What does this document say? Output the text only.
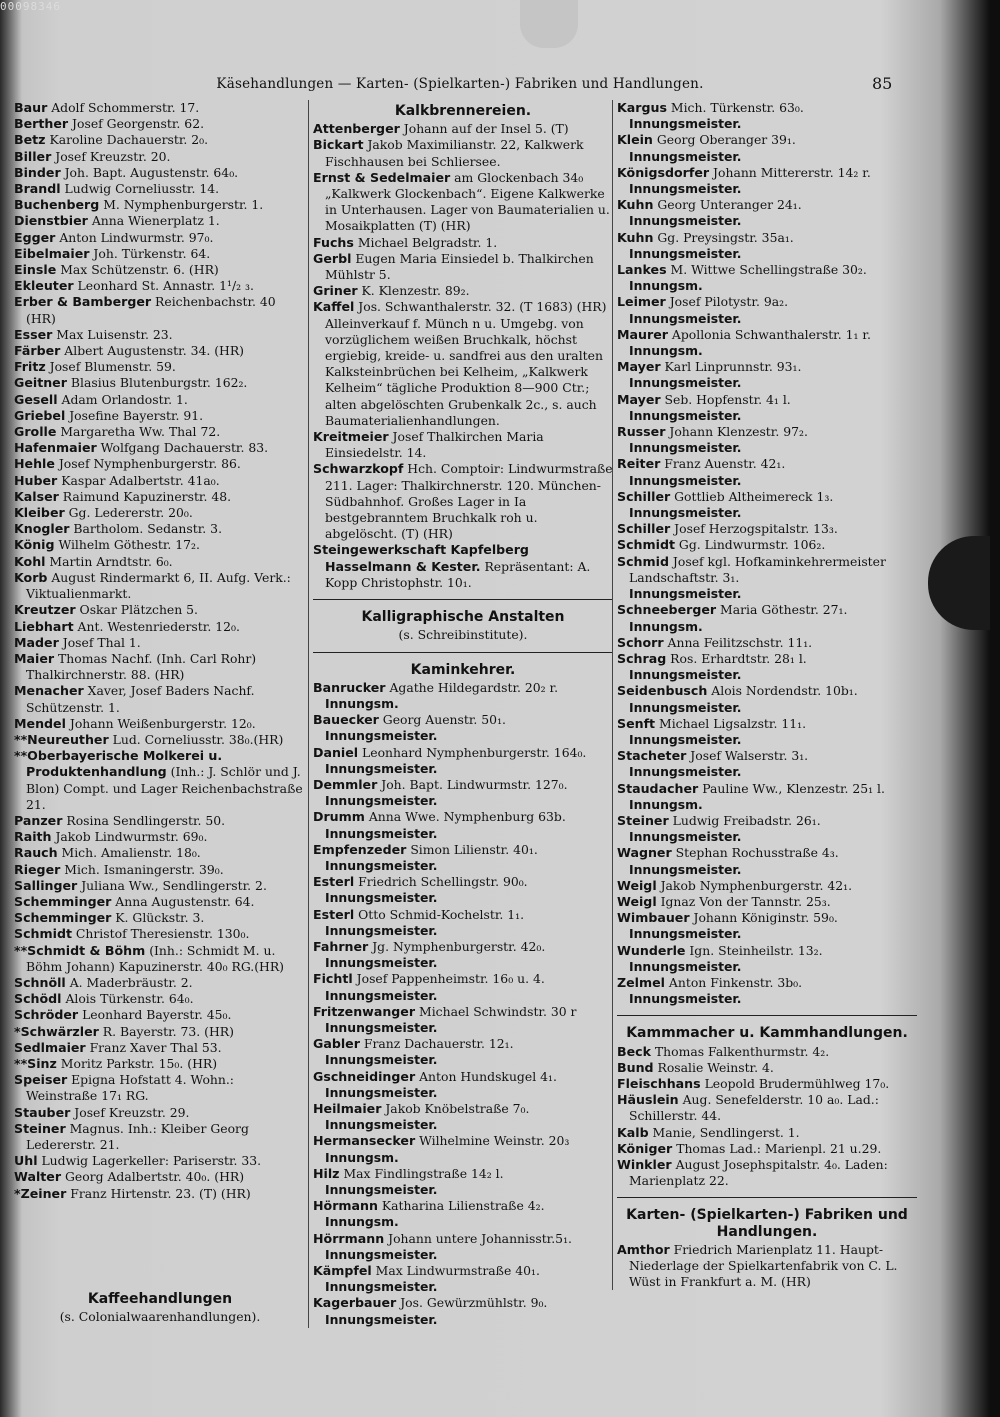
00098346
Käsehandlungen — Karten- (Spielkarten-) Fabriken und Handlungen.	85

Baur Adolf Schommerstr. 17.

Berther Josef Georgenstr. 62.

Betz Karoline Dachauerstr. 2₀.

Biller Josef Kreuzstr. 20.

Binder Joh. Bapt. Augustenstr. 64₀.

Brandl Ludwig Corneliusstr. 14.

Buchenberg M. Nymphenburgerstr. 1.

Dienstbier Anna Wienerplatz 1.

Egger Anton Lindwurmstr. 97₀.

Eibelmaier Joh. Türkenstr. 64.

Einsle Max Schützenstr. 6. (HR)

Ekleuter Leonhard St. Annastr. 1¹/₂ ₃.

Erber & Bamberger Reichenbachstr. 40 (HR)

Esser Max Luisenstr. 23.

Färber Albert Augustenstr. 34. (HR)

Fritz Josef Blumenstr. 59.

Geitner Blasius Blutenburgstr. 162₂.

Gesell Adam Orlandostr. 1.

Griebel Josefine Bayerstr. 91.

Grolle Margaretha Ww. Thal 72.

Hafenmaier Wolfgang Dachauerstr. 83.

Hehle Josef Nymphenburgerstr. 86.

Huber Kaspar Adalbertstr. 41a₀.

Kalser Raimund Kapuzinerstr. 48.

Kleiber Gg. Ledererstr. 20₀.

Knogler Bartholom. Sedanstr. 3.

König Wilhelm Göthestr. 17₂.

Kohl Martin Arndtstr. 6₀.

Korb August Rindermarkt 6, II. Aufg. Verk.: Viktualienmarkt.

Kreutzer Oskar Plätzchen 5.

Liebhart Ant. Westenriederstr. 12₀.

Mader Josef Thal 1.

Maier Thomas Nachf. (Inh. Carl Rohr) Thalkirchnerstr. 88. (HR)

Menacher Xaver, Josef Baders Nachf. Schützenstr. 1.

Mendel Johann Weißenburgerstr. 12₀.

**Neureuther Lud. Corneliusstr. 38₀.(HR)

**Oberbayerische Molkerei u. Produktenhandlung (Inh.: J. Schlör und J. Blon) Compt. und Lager Reichenbachstraße 21.

Panzer Rosina Sendlingerstr. 50.

Raith Jakob Lindwurmstr. 69₀.

Rauch Mich. Amalienstr. 18₀.

Rieger Mich. Ismaningerstr. 39₀.

Sallinger Juliana Ww., Sendlingerstr. 2.

Schemminger Anna Augustenstr. 64.

Schemminger K. Glückstr. 3.

Schmidt Christof Theresienstr. 130₀.

**Schmidt & Böhm (Inh.: Schmidt M. u. Böhm Johann) Kapuzinerstr. 40₀ RG.(HR)

Schnöll A. Maderbräustr. 2.

Schödl Alois Türkenstr. 64₀.

Schröder Leonhard Bayerstr. 45₀.

*Schwärzler R. Bayerstr. 73. (HR)

Sedlmaier Franz Xaver Thal 53.

**Sinz Moritz Parkstr. 15₀. (HR)

Speiser Epigna Hofstatt 4. Wohn.: Weinstraße 17₁ RG.

Stauber Josef Kreuzstr. 29.

Steiner Magnus. Inh.: Kleiber Georg Ledererstr. 21.

Uhl Ludwig Lagerkeller: Pariserstr. 33.

Walter Georg Adalbertstr. 40₀. (HR)

*Zeiner Franz Hirtenstr. 23. (T) (HR)

Kaffeehandlungen

(s. Colonialwaarenhandlungen).

Kalkbrennereien.

Attenberger Johann auf der Insel 5. (T)

Bickart Jakob Maximilianstr. 22, Kalkwerk Fischhausen bei Schliersee.

Ernst & Sedelmaier am Glockenbach 34₀ „Kalkwerk Glockenbach“. Eigene Kalkwerke in Unterhausen. Lager von Baumaterialien u. Mosaikplatten (T) (HR)

Fuchs Michael Belgradstr. 1.

Gerbl Eugen Maria Einsiedel b. Thalkirchen Mühlstr 5.

Griner K. Klenzestr. 89₂.

Kaffel Jos. Schwanthalerstr. 32. (T 1683) (HR) Alleinverkauf f. Münch n u. Umgebg. von vorzüglichem weißen Bruchkalk, höchst ergiebig, kreide- u. sandfrei aus den uralten Kalksteinbrüchen bei Kelheim, „Kalkwerk Kelheim“ tägliche Produktion 8—900 Ctr.; alten abgelöschten Grubenkalk 2c., s. auch Baumaterialienhandlungen.

Kreitmeier Josef Thalkirchen Maria Einsiedelstr. 14.

Schwarzkopf Hch. Comptoir: Lindwurmstraße 211. Lager: Thalkirchnerstr. 120. München-Südbahnhof. Großes Lager in Ia bestgebranntem Bruchkalk roh u. abgelöscht. (T) (HR)

Steingewerkschaft Kapfelberg Hasselmann & Kester. Repräsentant: A. Kopp Christophstr. 10₁.

Kalligraphische Anstalten

(s. Schreibinstitute).

Kaminkehrer.

Banrucker Agathe Hildegardstr. 20₂ r.
Innungsm.

Bauecker Georg Auenstr. 50₁.
Innungsmeister.

Daniel Leonhard Nymphenburgerstr. 164₀.
Innungsmeister.

Demmler Joh. Bapt. Lindwurmstr. 127₀.
Innungsmeister.

Drumm Anna Wwe. Nymphenburg 63b.
Innungsmeister.

Empfenzeder Simon Lilienstr. 40₁.
Innungsmeister.

Esterl Friedrich Schellingstr. 90₀.
Innungsmeister.

Esterl Otto Schmid-Kochelstr. 1₁.
Innungsmeister.

Fahrner Jg. Nymphenburgerstr. 42₀.
Innungsmeister.

Fichtl Josef Pappenheimstr. 16₀ u. 4.
Innungsmeister.

Fritzenwanger Michael Schwindstr. 30 r
Innungsmeister.

Gabler Franz Dachauerstr. 12₁.
Innungsmeister.

Gschneidinger Anton Hundskugel 4₁.
Innungsmeister.

Heilmaier Jakob Knöbelstraße 7₀.
Innungsmeister.

Hermansecker Wilhelmine Weinstr. 20₃
Innungsm.

Hilz Max Findlingstraße 14₂ l.
Innungsmeister.

Hörmann Katharina Lilienstraße 4₂.
Innungsm.

Hörrmann Johann untere Johannisstr.5₁.
Innungsmeister.

Kämpfel Max Lindwurmstraße 40₁.
Innungsmeister.

Kagerbauer Jos. Gewürzmühlstr. 9₀.
Innungsmeister.

Kargus Mich. Türkenstr. 63₀.
Innungsmeister.

Klein Georg Oberanger 39₁.
Innungsmeister.

Königsdorfer Johann Mittererstr. 14₂ r.
Innungsmeister.

Kuhn Georg Unteranger 24₁.
Innungsmeister.

Kuhn Gg. Preysingstr. 35a₁.
Innungsmeister.

Lankes M. Wittwe Schellingstraße 30₂.
Innungsm.

Leimer Josef Pilotystr. 9a₂.
Innungsmeister.

Maurer Apollonia Schwanthalerstr. 1₁ r.
Innungsm.

Mayer Karl Linprunnstr. 93₁.
Innungsmeister.

Mayer Seb. Hopfenstr. 4₁ l.
Innungsmeister.

Russer Johann Klenzestr. 97₂.
Innungsmeister.

Reiter Franz Auenstr. 42₁.
Innungsmeister.

Schiller Gottlieb Altheimereck 1₃.
Innungsmeister.

Schiller Josef Herzogspitalstr. 13₃.

Schmidt Gg. Lindwurmstr. 106₂.

Schmid Josef kgl. Hofkaminkehrermeister Landschaftstr. 3₁.
Innungsmeister.

Schneeberger Maria Göthestr. 27₁.
Innungsm.

Schorr Anna Feilitzschstr. 11₁.

Schrag Ros. Erhardtstr. 28₁ l.
Innungsmeister.

Seidenbusch Alois Nordendstr. 10b₁.
Innungsmeister.

Senft Michael Ligsalzstr. 11₁.
Innungsmeister.

Stacheter Josef Walserstr. 3₁.
Innungsmeister.

Staudacher Pauline Ww., Klenzestr. 25₁ l.
Innungsm.

Steiner Ludwig Freibadstr. 26₁.
Innungsmeister.

Wagner Stephan Rochusstraße 4₃.
Innungsmeister.

Weigl Jakob Nymphenburgerstr. 42₁.

Weigl Ignaz Von der Tannstr. 25₃.

Wimbauer Johann Königinstr. 59₀.
Innungsmeister.

Wunderle Ign. Steinheilstr. 13₂.
Innungsmeister.

Zelmel Anton Finkenstr. 3b₀.
Innungsmeister.

Kammmacher u. Kammhandlungen.

Beck Thomas Falkenthurmstr. 4₂.

Bund Rosalie Weinstr. 4.

Fleischhans Leopold Brudermühlweg 17₀.

Häuslein Aug. Senefelderstr. 10 a₀. Lad.: Schillerstr. 44.

Kalb Manie, Sendlingerst. 1.

Königer Thomas Lad.: Marienpl. 21 u.29.

Winkler August Josephspitalstr. 4₀. Laden: Marienplatz 22.

Karten- (Spielkarten-) Fabriken und Handlungen.

Amthor Friedrich Marienplatz 11. Haupt-Niederlage der Spielkartenfabrik von C. L. Wüst in Frankfurt a. M. (HR)
